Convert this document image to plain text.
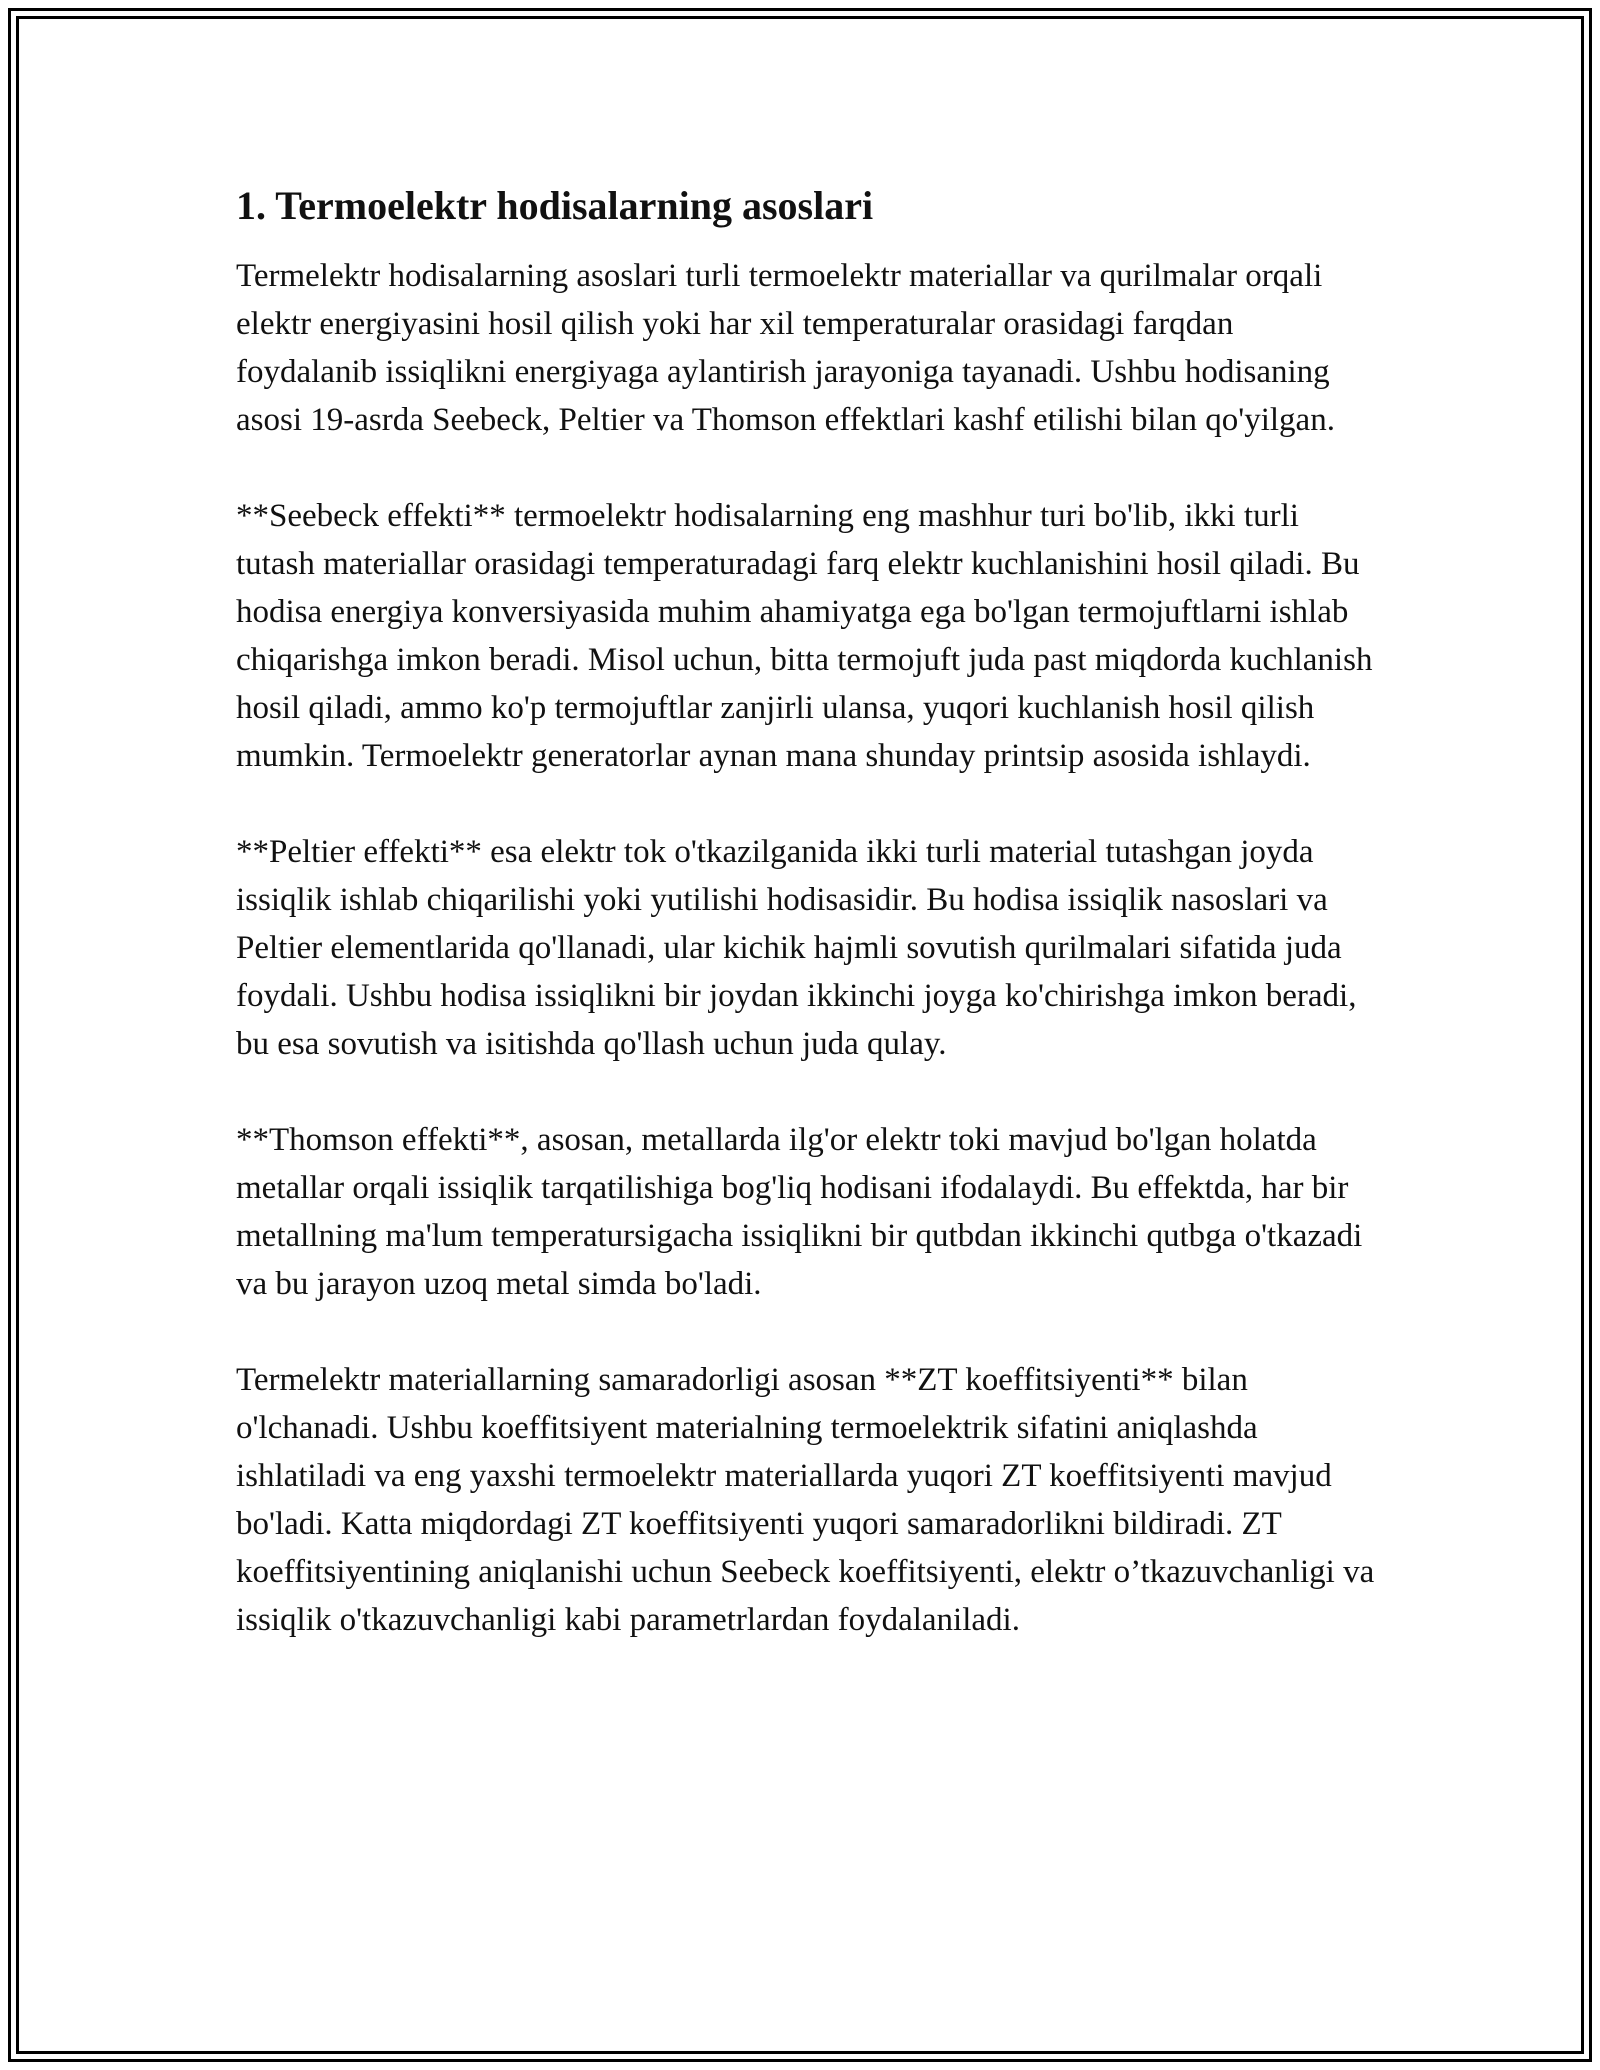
1. Termoelektr hodisalarning asoslari

Termelektr hodisalarning asoslari turli termoelektr materiallar va qurilmalar orqali elektr energiyasini hosil qilish yoki har xil temperaturalar orasidagi farqdan foydalanib issiqlikni energiyaga aylantirish jarayoniga tayanadi. Ushbu hodisaning asosi 19-asrda Seebeck, Peltier va Thomson effektlari kashf etilishi bilan qo'yilgan.

**Seebeck effekti** termoelektr hodisalarning eng mashhur turi bo'lib, ikki turli tutash materiallar orasidagi temperaturadagi farq elektr kuchlanishini hosil qiladi. Bu hodisa energiya konversiyasida muhim ahamiyatga ega bo'lgan termojuftlarni ishlab chiqarishga imkon beradi. Misol uchun, bitta termojuft juda past miqdorda kuchlanish hosil qiladi, ammo ko'p termojuftlar zanjirli ulansa, yuqori kuchlanish hosil qilish mumkin. Termoelektr generatorlar aynan mana shunday printsip asosida ishlaydi.

**Peltier effekti** esa elektr tok o'tkazilganida ikki turli material tutashgan joyda issiqlik ishlab chiqarilishi yoki yutilishi hodisasidir. Bu hodisa issiqlik nasoslari va Peltier elementlarida qo'llanadi, ular kichik hajmli sovutish qurilmalari sifatida juda foydali. Ushbu hodisa issiqlikni bir joydan ikkinchi joyga ko'chirishga imkon beradi, bu esa sovutish va isitishda qo'llash uchun juda qulay.

**Thomson effekti**, asosan, metallarda ilg'or elektr toki mavjud bo'lgan holatda metallar orqali issiqlik tarqatilishiga bog'liq hodisani ifodalaydi. Bu effektda, har bir metallning ma'lum temperatursigacha issiqlikni bir qutbdan ikkinchi qutbga o'tkazadi va bu jarayon uzoq metal simda bo'ladi.

Termelektr materiallarning samaradorligi asosan **ZT koeffitsiyenti** bilan o'lchanadi. Ushbu koeffitsiyent materialning termoelektrik sifatini aniqlashda ishlatiladi va eng yaxshi termoelektr materiallarda yuqori ZT koeffitsiyenti mavjud bo'ladi. Katta miqdordagi ZT koeffitsiyenti yuqori samaradorlikni bildiradi. ZT koeffitsiyentining aniqlanishi uchun Seebeck koeffitsiyenti, elektr o’tkazuvchanligi va issiqlik o'tkazuvchanligi kabi parametrlardan foydalaniladi.
